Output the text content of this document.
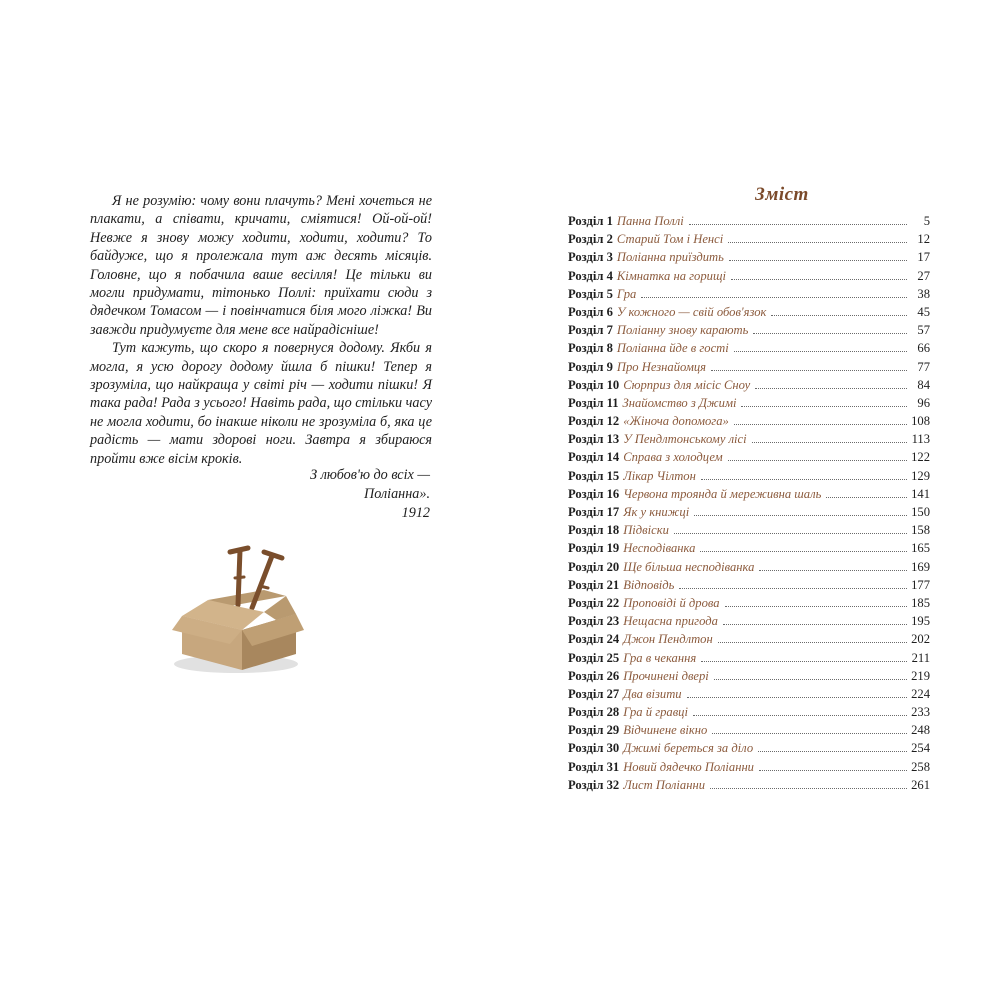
Я не розумію: чому вони плачуть? Мені хочеться не плакати, а співати, кричати, сміятися! Ой-ой-ой! Невже я знову можу ходити, ходити, ходити? То байдуже, що я пролежала тут аж десять місяців. Головне, що я побачила ваше весілля! Це тільки ви могли придумати, тітонько Поллі: приїхати сюди з дядечком Томасом — і повінчатися біля мого ліжка! Ви завжди придумуєте для мене все найрадісніше!

Тут кажуть, що скоро я повернуся додому. Якби я могла, я усю дорогу додому йшла б пішки! Тепер я зрозуміла, що найкраща у світі річ — ходити пішки! Я така рада! Рада з усього! Навіть рада, що стільки часу не могла ходити, бо інакше ніколи не зрозуміла б, яка це радість — мати здорові ноги. Завтра я збираюся пройти вже вісім кроків.

З любов'ю до всіх —
Поліанна».
1912
Зміст
Розділ 1 Панна Поллі	5
Розділ 2 Старий Том і Ненсі	12
Розділ 3 Поліанна приїздить	17
Розділ 4 Кімнатка на горищі	27
Розділ 5 Гра	38
Розділ 6 У кожного — свій обов'язок	45
Розділ 7 Поліанну знову карають	57
Розділ 8 Поліанна йде в гості	66
Розділ 9 Про Незнайомця	77
Розділ 10 Сюрприз для місіс Сноу	84
Розділ 11 Знайомство з Джимі	96
Розділ 12 «Жіноча допомога»	108
Розділ 13 У Пендлтонському лісі	113
Розділ 14 Справа з холодцем	122
Розділ 15 Лікар Чілтон	129
Розділ 16 Червона троянда й мереживна шаль	141
Розділ 17 Як у книжці	150
Розділ 18 Підвіски	158
Розділ 19 Несподіванка	165
Розділ 20 Ще більша несподіванка	169
Розділ 21 Відповідь	177
Розділ 22 Проповіді й дрова	185
Розділ 23 Нещасна пригода	195
Розділ 24 Джон Пендлтон	202
Розділ 25 Гра в чекання	211
Розділ 26 Прочинені двері	219
Розділ 27 Два візити	224
Розділ 28 Гра й гравці	233
Розділ 29 Відчинене вікно	248
Розділ 30 Джимі береться за діло	254
Розділ 31 Новий дядечко Поліанни	258
Розділ 32 Лист Поліанни	261
